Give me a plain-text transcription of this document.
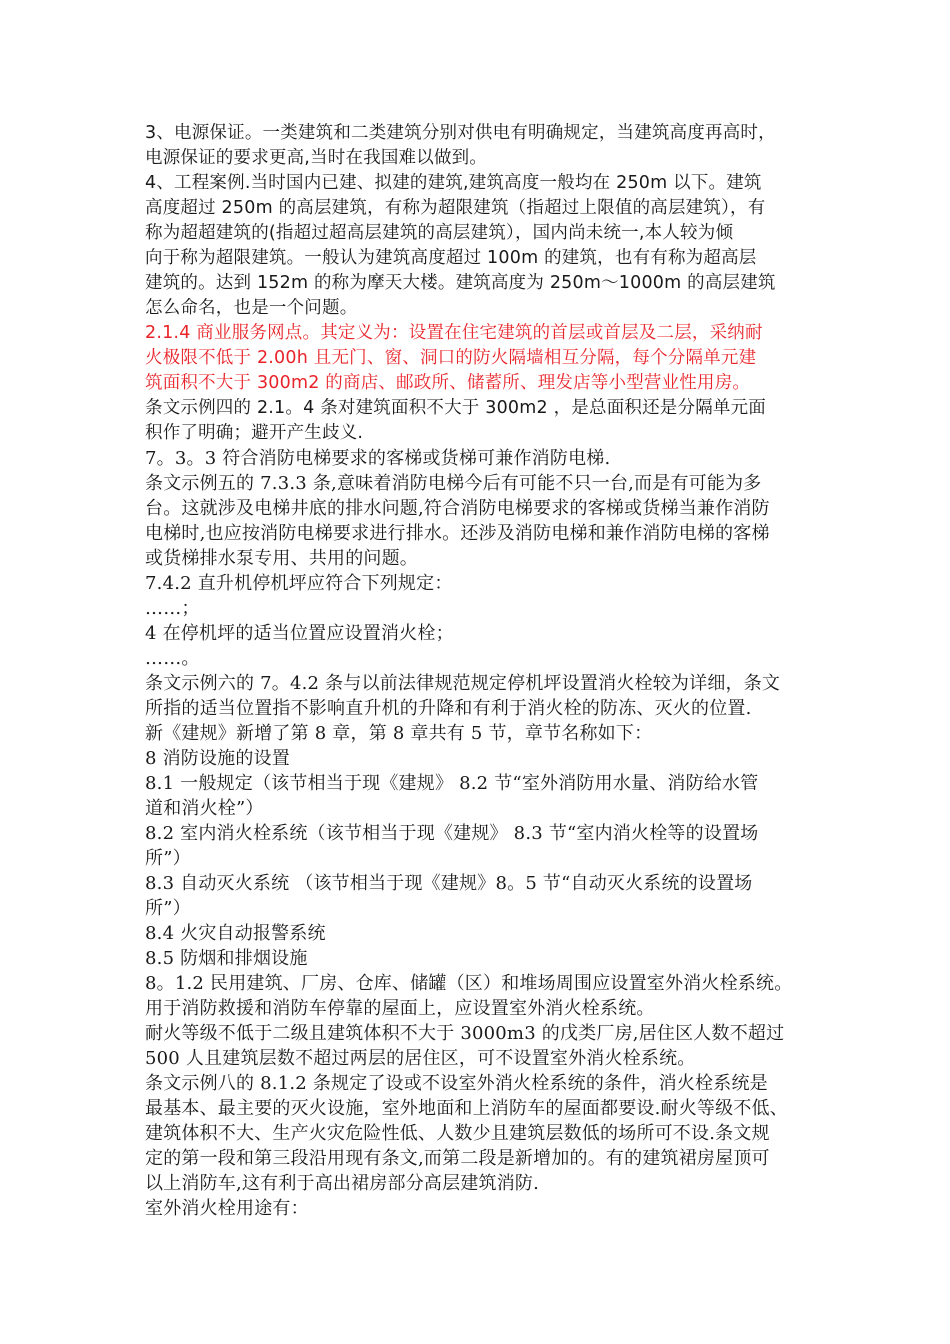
3、电源保证。一类建筑和二类建筑分别对供电有明确规定，当建筑高度再高时，
电源保证的要求更高,当时在我国难以做到。
4、工程案例.当时国内已建、拟建的建筑,建筑高度一般均在 250m 以下。建筑
高度超过 250m 的高层建筑，有称为超限建筑（指超过上限值的高层建筑），有
称为超超建筑的(指超过超高层建筑的高层建筑），国内尚未统一,本人较为倾
向于称为超限建筑。一般认为建筑高度超过 100m 的建筑，也有有称为超高层
建筑的。达到 152m 的称为摩天大楼。建筑高度为 250m～1000m 的高层建筑
怎么命名，也是一个问题。
2.1.4 商业服务网点。其定义为：设置在住宅建筑的首层或首层及二层，采纳耐
火极限不低于 2.00h 且无门、窗、洞口的防火隔墙相互分隔，每个分隔单元建
筑面积不大于 300m2 的商店、邮政所、储蓄所、理发店等小型营业性用房。
条文示例四的 2.1。4 条对建筑面积不大于 300m2 ，是总面积还是分隔单元面
积作了明确；避开产生歧义.
7。3。3 符合消防电梯要求的客梯或货梯可兼作消防电梯.
条文示例五的 7.3.3 条,意味着消防电梯今后有可能不只一台,而是有可能为多
台。这就涉及电梯井底的排水问题,符合消防电梯要求的客梯或货梯当兼作消防
电梯时,也应按消防电梯要求进行排水。还涉及消防电梯和兼作消防电梯的客梯
或货梯排水泵专用、共用的问题。
7.4.2 直升机停机坪应符合下列规定：
……；
4 在停机坪的适当位置应设置消火栓；
……。
条文示例六的 7。4.2 条与以前法律规范规定停机坪设置消火栓较为详细，条文
所指的适当位置指不影响直升机的升降和有利于消火栓的防冻、灭火的位置.
新《建规》新增了第 8 章，第 8 章共有 5 节，章节名称如下：
8 消防设施的设置
8.1 一般规定（该节相当于现《建规》 8.2 节“室外消防用水量、消防给水管
道和消火栓”）
8.2 室内消火栓系统（该节相当于现《建规》 8.3 节“室内消火栓等的设置场
所”）
8.3 自动灭火系统 （该节相当于现《建规》8。5 节“自动灭火系统的设置场
所”）
8.4 火灾自动报警系统
8.5 防烟和排烟设施
8。1.2 民用建筑、厂房、仓库、储罐（区）和堆场周围应设置室外消火栓系统。
用于消防救援和消防车停靠的屋面上，应设置室外消火栓系统。
耐火等级不低于二级且建筑体积不大于 3000m3 的戊类厂房,居住区人数不超过
500 人且建筑层数不超过两层的居住区，可不设置室外消火栓系统。
条文示例八的 8.1.2 条规定了设或不设室外消火栓系统的条件，消火栓系统是
最基本、最主要的灭火设施，室外地面和上消防车的屋面都要设.耐火等级不低、
建筑体积不大、生产火灾危险性低、人数少且建筑层数低的场所可不设.条文规
定的第一段和第三段沿用现有条文,而第二段是新增加的。有的建筑裙房屋顶可
以上消防车,这有利于高出裙房部分高层建筑消防.
室外消火栓用途有：
